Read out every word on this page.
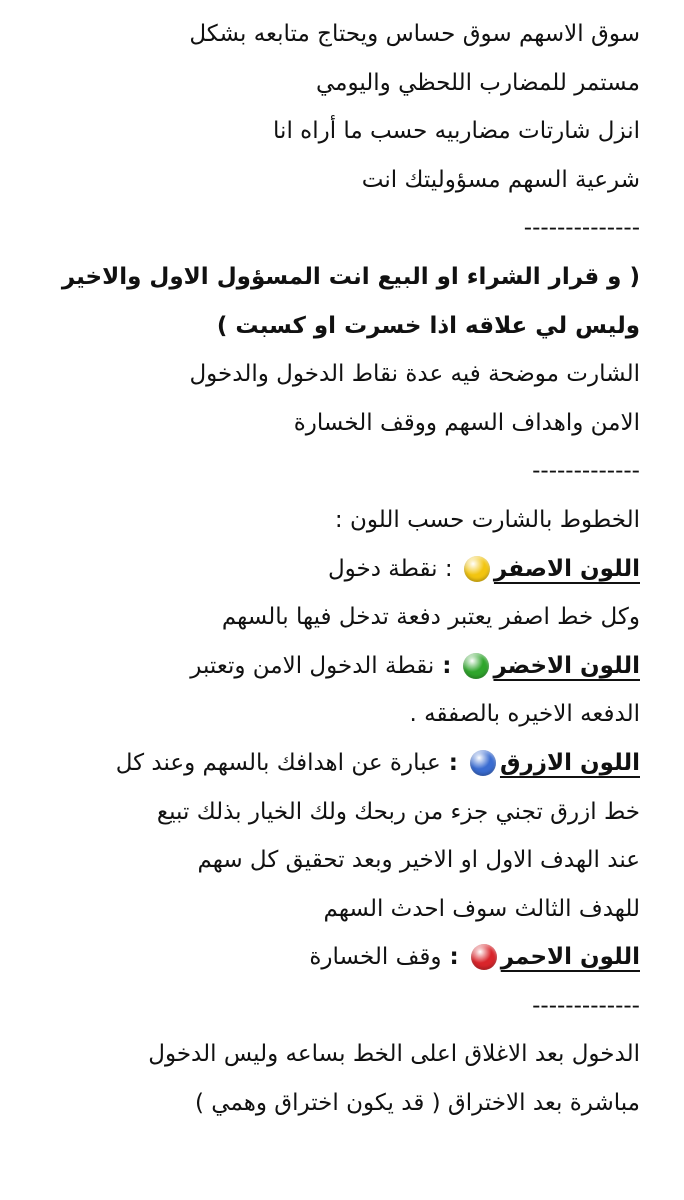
سوق الاسهم سوق حساس ويحتاج متابعه بشكل
مستمر للمضارب اللحظي واليومي
انزل شارتات مضاربيه حسب ما أراه انا
شرعية السهم مسؤوليتك انت
--------------
( و قرار الشراء او البيع انت المسؤول الاول والاخير
وليس لي علاقه اذا خسرت او كسبت )
الشارت موضحة فيه عدة نقاط الدخول والدخول
الامن واهداف السهم ووقف الخسارة
-------------
الخطوط بالشارت حسب اللون :
اللون الاصفر : نقطة دخول
وكل خط اصفر يعتبر دفعة تدخل فيها بالسهم
اللون الاخضر : نقطة الدخول الامن وتعتبر
الدفعه الاخيره بالصفقه .
اللون الازرق : عبارة عن اهدافك بالسهم وعند كل
خط ازرق تجني جزء من ربحك ولك الخيار بذلك تبيع
عند الهدف الاول او الاخير وبعد تحقيق كل سهم
للهدف الثالث سوف احدث السهم
اللون الاحمر : وقف الخسارة
-------------
الدخول بعد الاغلاق اعلى الخط بساعه وليس الدخول
مباشرة بعد الاختراق ( قد يكون اختراق وهمي )
